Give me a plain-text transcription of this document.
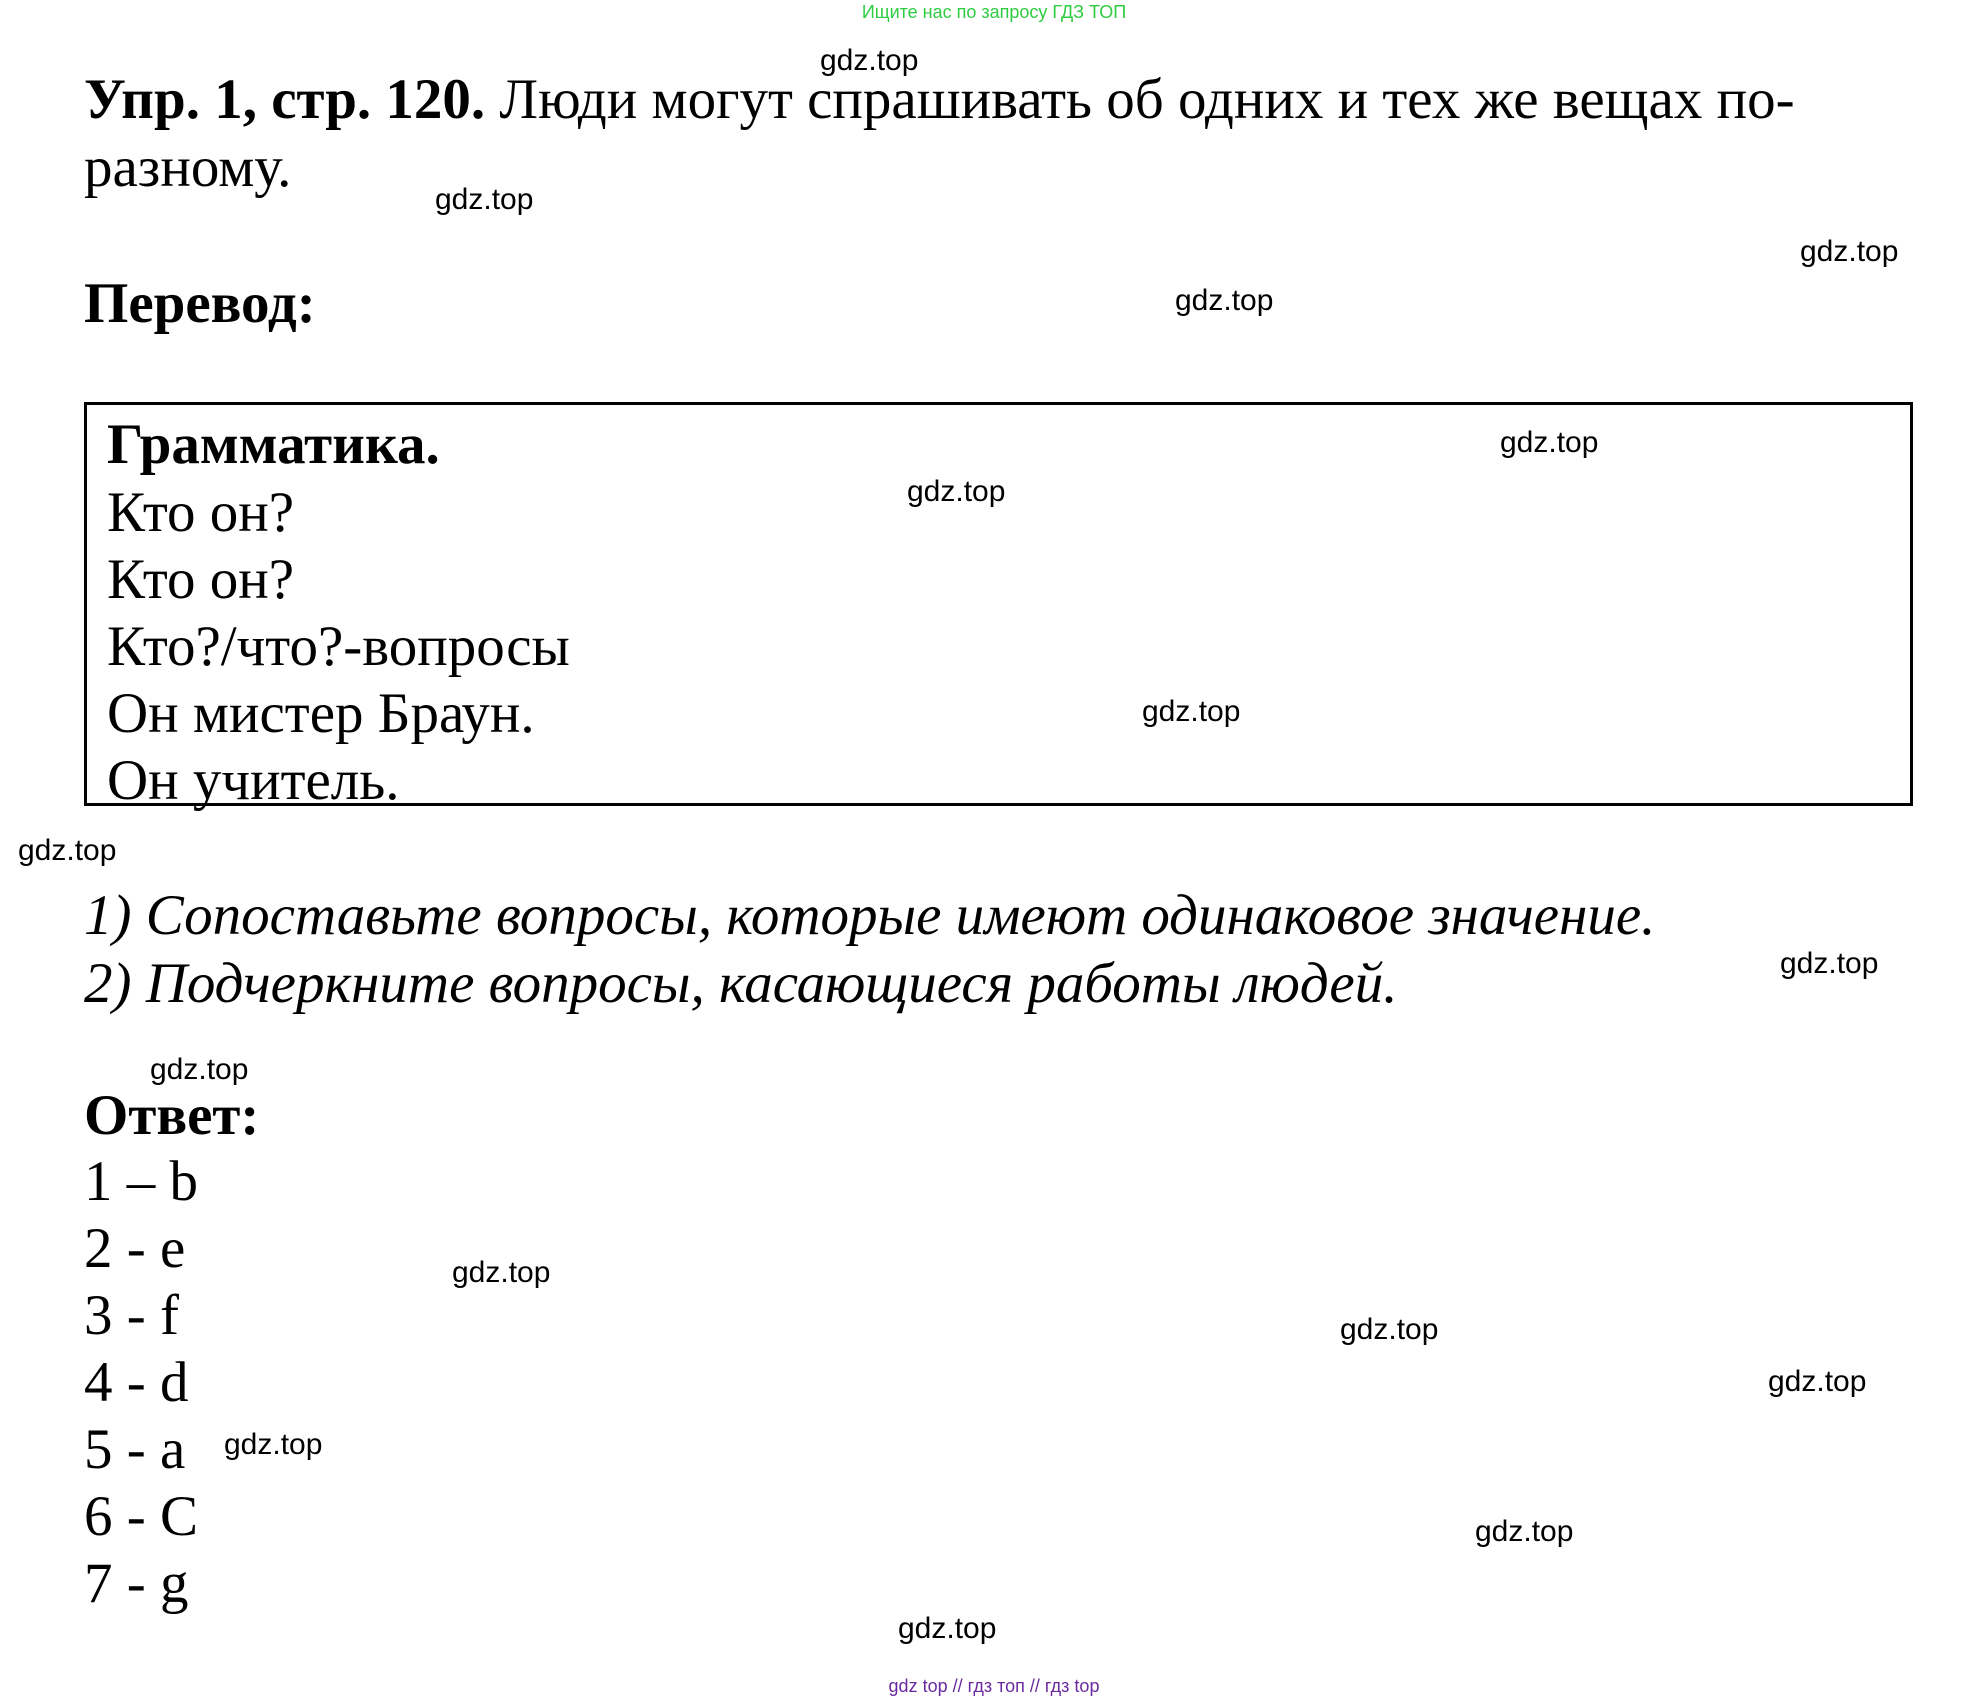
Ищите нас по запросу ГДЗ ТОП
Упр. 1, стр. 120. Люди могут спрашивать об одних и тех же вещах по-разному.
Перевод:
Грамматика.
Кто он?
Кто он?
Кто?/что?-вопросы
Он мистер Браун.
Он учитель.
1) Сопоставьте вопросы, которые имеют одинаковое значение.
2) Подчеркните вопросы, касающиеся работы людей.
Ответ:
1 – b
2 - e
3 - f
4 - d
5 - a
6 - C
7 - g
gdz.top
gdz.top
gdz.top
gdz.top
gdz.top
gdz.top
gdz.top
gdz.top
gdz.top
gdz.top
gdz.top
gdz.top
gdz.top
gdz.top
gdz.top
gdz.top
gdz top // гдз топ // гдз top
